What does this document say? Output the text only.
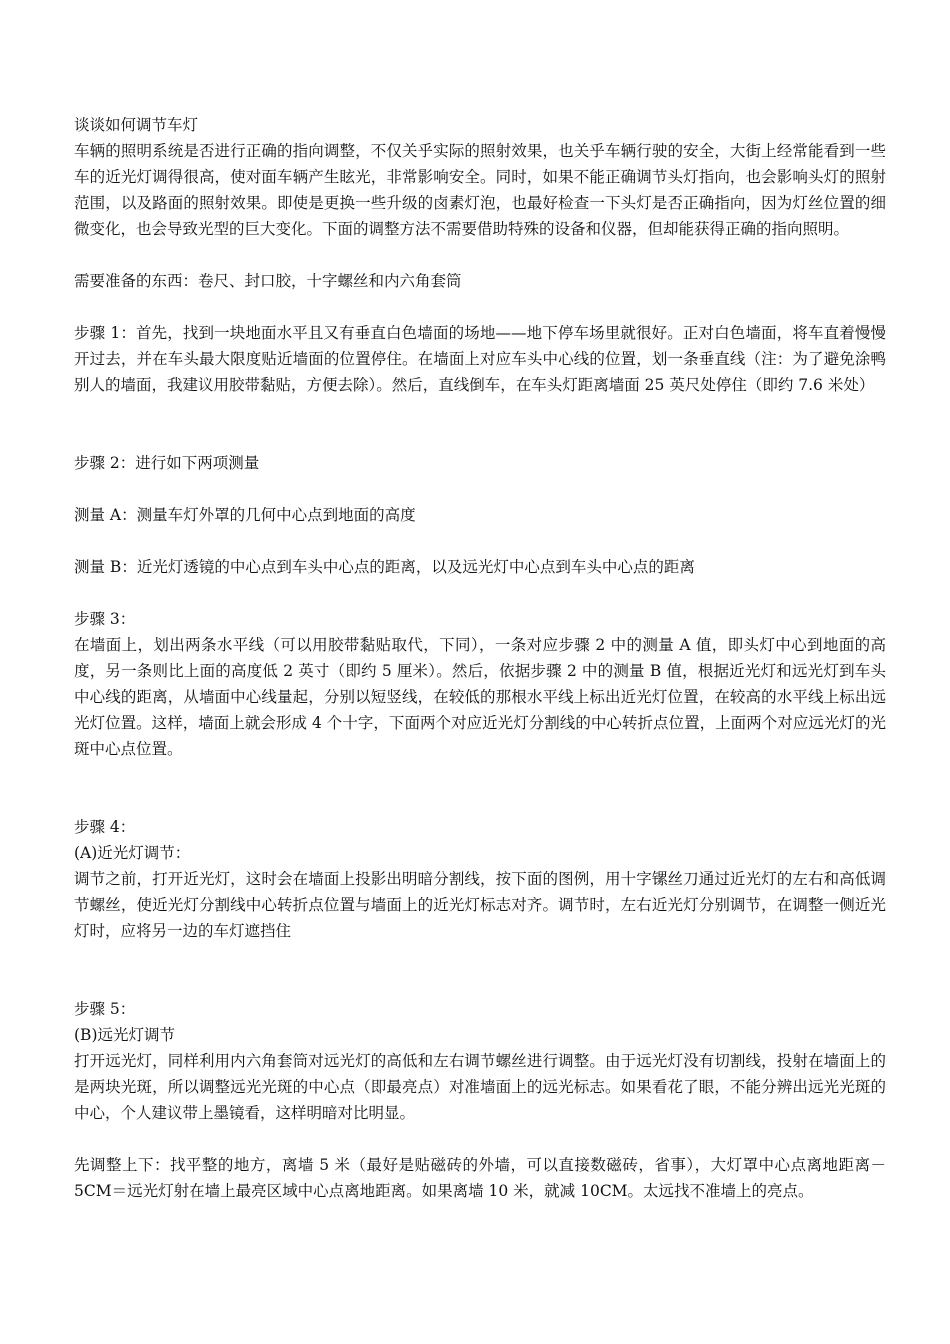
谈谈如何调节车灯

车辆的照明系统是否进行正确的指向调整，不仅关乎实际的照射效果，也关乎车辆行驶的安全，大街上经常能看到一些车的近光灯调得很高，使对面车辆产生眩光，非常影响安全。同时，如果不能正确调节头灯指向，也会影响头灯的照射范围，以及路面的照射效果。即使是更换一些升级的卤素灯泡，也最好检查一下头灯是否正确指向，因为灯丝位置的细微变化，也会导致光型的巨大变化。下面的调整方法不需要借助特殊的设备和仪器，但却能获得正确的指向照明。

需要准备的东西：卷尺、封口胶，十字螺丝和内六角套筒

步骤 1：首先，找到一块地面水平且又有垂直白色墙面的场地——地下停车场里就很好。正对白色墙面，将车直着慢慢开过去，并在车头最大限度贴近墙面的位置停住。在墙面上对应车头中心线的位置，划一条垂直线（注：为了避免涂鸭别人的墙面，我建议用胶带黏贴，方便去除）。然后，直线倒车，在车头灯距离墙面 25 英尺处停住（即约 7.6 米处）

步骤 2：进行如下两项测量

测量 A：测量车灯外罩的几何中心点到地面的高度

测量 B：近光灯透镜的中心点到车头中心点的距离，以及远光灯中心点到车头中心点的距离

步骤 3：

在墙面上，划出两条水平线（可以用胶带黏贴取代，下同），一条对应步骤 2 中的测量 A 值，即头灯中心到地面的高度，另一条则比上面的高度低 2 英寸（即约 5 厘米）。然后，依据步骤 2 中的测量 B 值，根据近光灯和远光灯到车头中心线的距离，从墙面中心线量起，分别以短竖线，在较低的那根水平线上标出近光灯位置，在较高的水平线上标出远光灯位置。这样，墙面上就会形成 4 个十字，下面两个对应近光灯分割线的中心转折点位置，上面两个对应远光灯的光斑中心点位置。

步骤 4：

(A)近光灯调节：

调节之前，打开近光灯，这时会在墙面上投影出明暗分割线，按下面的图例，用十字镙丝刀通过近光灯的左右和高低调节螺丝，使近光灯分割线中心转折点位置与墙面上的近光灯标志对齐。调节时，左右近光灯分别调节，在调整一侧近光灯时，应将另一边的车灯遮挡住

步骤 5：

(B)远光灯调节

打开远光灯，同样利用内六角套筒对远光灯的高低和左右调节螺丝进行调整。由于远光灯没有切割线，投射在墙面上的是两块光斑，所以调整远光光斑的中心点（即最亮点）对准墙面上的远光标志。如果看花了眼，不能分辨出远光光斑的中心，个人建议带上墨镜看，这样明暗对比明显。

先调整上下：找平整的地方，离墙 5 米（最好是贴磁砖的外墙，可以直接数磁砖，省事），大灯罩中心点离地距离－5CM＝远光灯射在墙上最亮区域中心点离地距离。如果离墙 10 米，就减 10CM。太远找不准墙上的亮点。
